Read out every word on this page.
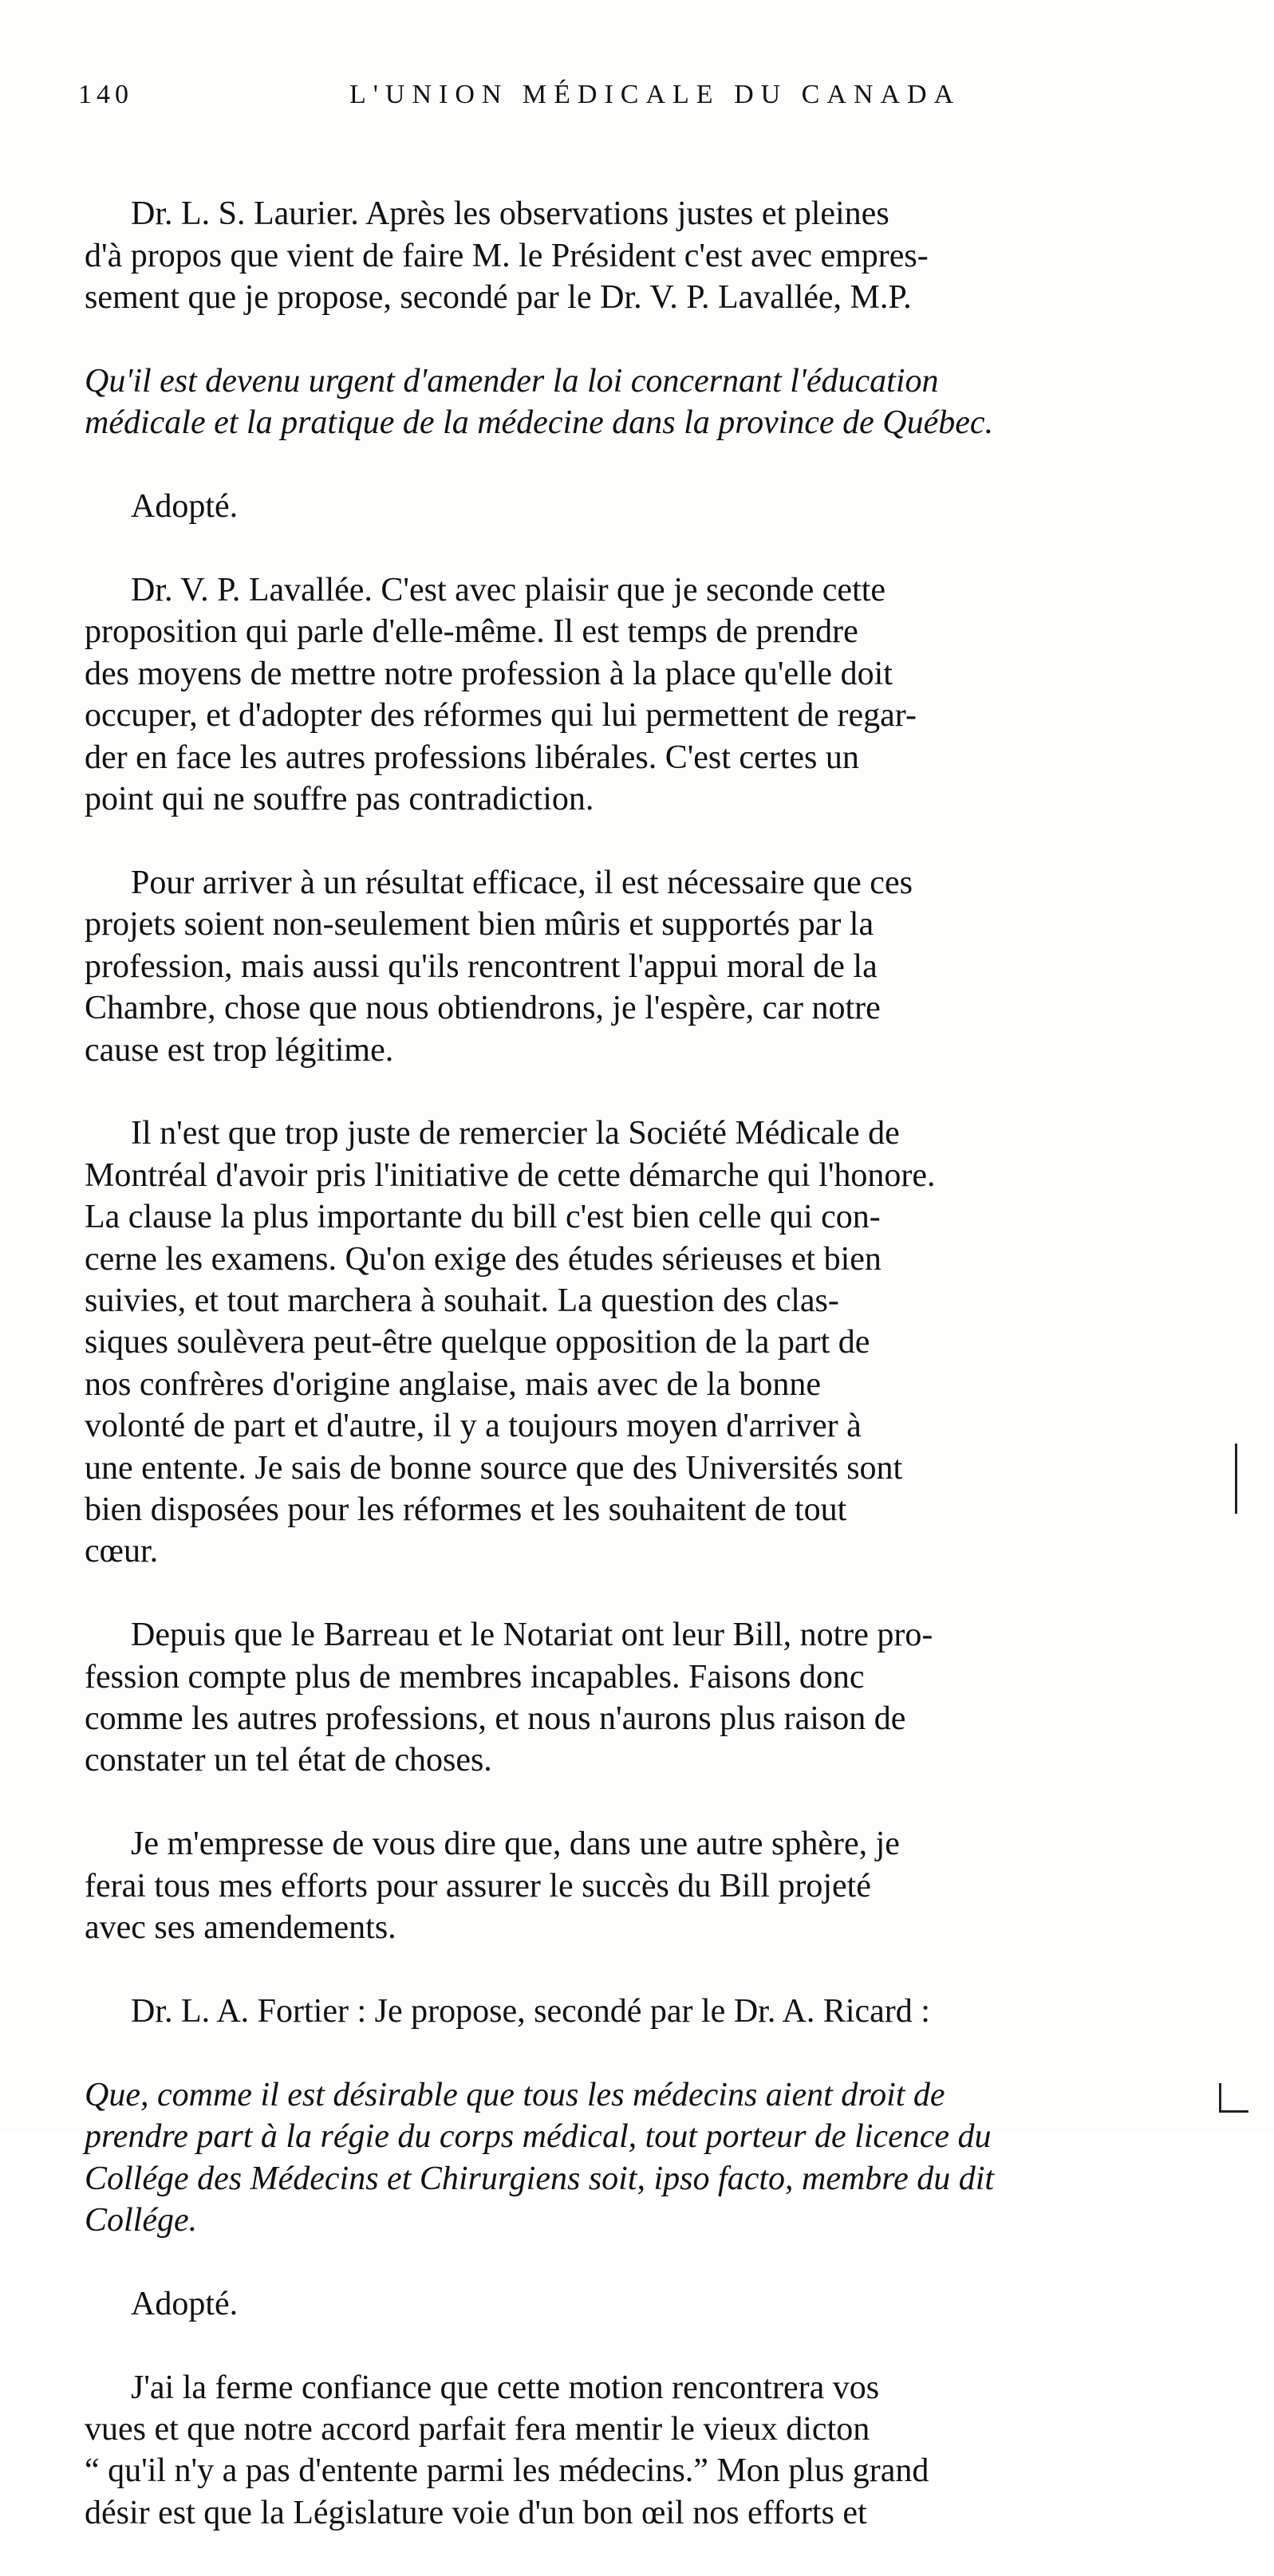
140	L'UNION MÉDICALE DU CANADA

Dr. L. S. Laurier. Après les observations justes et pleines
d'à propos que vient de faire M. le Président c'est avec empres-
sement que je propose, secondé par le Dr. V. P. Lavallée, M.P.

Qu'il est devenu urgent d'amender la loi concernant l'éducation
médicale et la pratique de la médecine dans la province de Québec.

Adopté.

Dr. V. P. Lavallée. C'est avec plaisir que je seconde cette
proposition qui parle d'elle-même. Il est temps de prendre
des moyens de mettre notre profession à la place qu'elle doit
occuper, et d'adopter des réformes qui lui permettent de regar-
der en face les autres professions libérales. C'est certes un
point qui ne souffre pas contradiction.

Pour arriver à un résultat efficace, il est nécessaire que ces
projets soient non-seulement bien mûris et supportés par la
profession, mais aussi qu'ils rencontrent l'appui moral de la
Chambre, chose que nous obtiendrons, je l'espère, car notre
cause est trop légitime.

Il n'est que trop juste de remercier la Société Médicale de
Montréal d'avoir pris l'initiative de cette démarche qui l'honore.
La clause la plus importante du bill c'est bien celle qui con-
cerne les examens. Qu'on exige des études sérieuses et bien
suivies, et tout marchera à souhait. La question des clas-
siques soulèvera peut-être quelque opposition de la part de
nos confrères d'origine anglaise, mais avec de la bonne
volonté de part et d'autre, il y a toujours moyen d'arriver à
une entente. Je sais de bonne source que des Universités sont
bien disposées pour les réformes et les souhaitent de tout
cœur.

Depuis que le Barreau et le Notariat ont leur Bill, notre pro-
fession compte plus de membres incapables. Faisons donc
comme les autres professions, et nous n'aurons plus raison de
constater un tel état de choses.

Je m'empresse de vous dire que, dans une autre sphère, je
ferai tous mes efforts pour assurer le succès du Bill projeté
avec ses amendements.

Dr. L. A. Fortier : Je propose, secondé par le Dr. A. Ricard :

Que, comme il est désirable que tous les médecins aient droit de
prendre part à la régie du corps médical, tout porteur de licence du
Collége des Médecins et Chirurgiens soit, ipso facto, membre du dit
Collége.

Adopté.

J'ai la ferme confiance que cette motion rencontrera vos
vues et que notre accord parfait fera mentir le vieux dicton
“ qu'il n'y a pas d'entente parmi les médecins.” Mon plus grand
désir est que la Législature voie d'un bon œil nos efforts et
